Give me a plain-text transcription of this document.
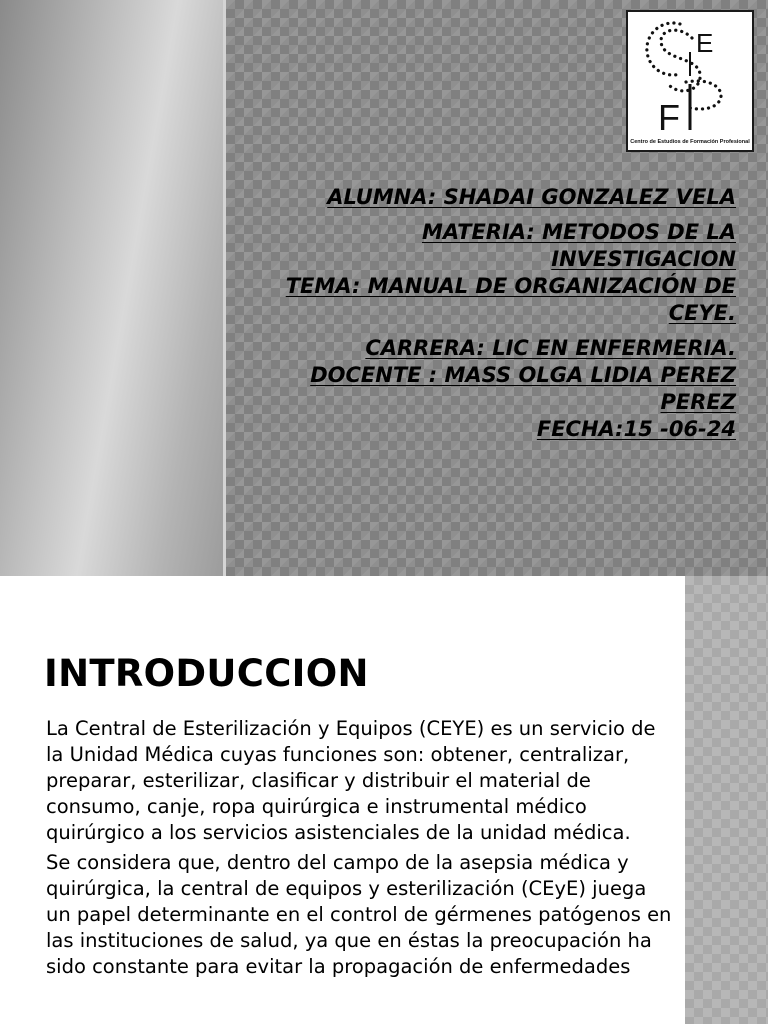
E
F
Centro de Estudios de Formación Profesional
ALUMNA: SHADAI GONZALEZ VELA
MATERIA: METODOS DE LA INVESTIGACION
TEMA: MANUAL DE ORGANIZACIÓN DE CEYE.
CARRERA: LIC EN ENFERMERIA.
DOCENTE : MASS OLGA LIDIA PEREZ PEREZ
FECHA:15 -06-24
INTRODUCCION

La Central de Esterilización y Equipos (CEYE) es un servicio de la Unidad Médica cuyas funciones son: obtener, centralizar, preparar, esterilizar, clasificar y distribuir el material de consumo, canje, ropa quirúrgica e instrumental médico quirúrgico a los servicios asistenciales de la unidad médica.

Se considera que, dentro del campo de la asepsia médica y quirúrgica, la central de equipos y esterilización (CEyE) juega un papel determinante en el control de gérmenes patógenos en las instituciones de salud, ya que en éstas la preocupación ha sido constante para evitar la propagación de enfermedades
